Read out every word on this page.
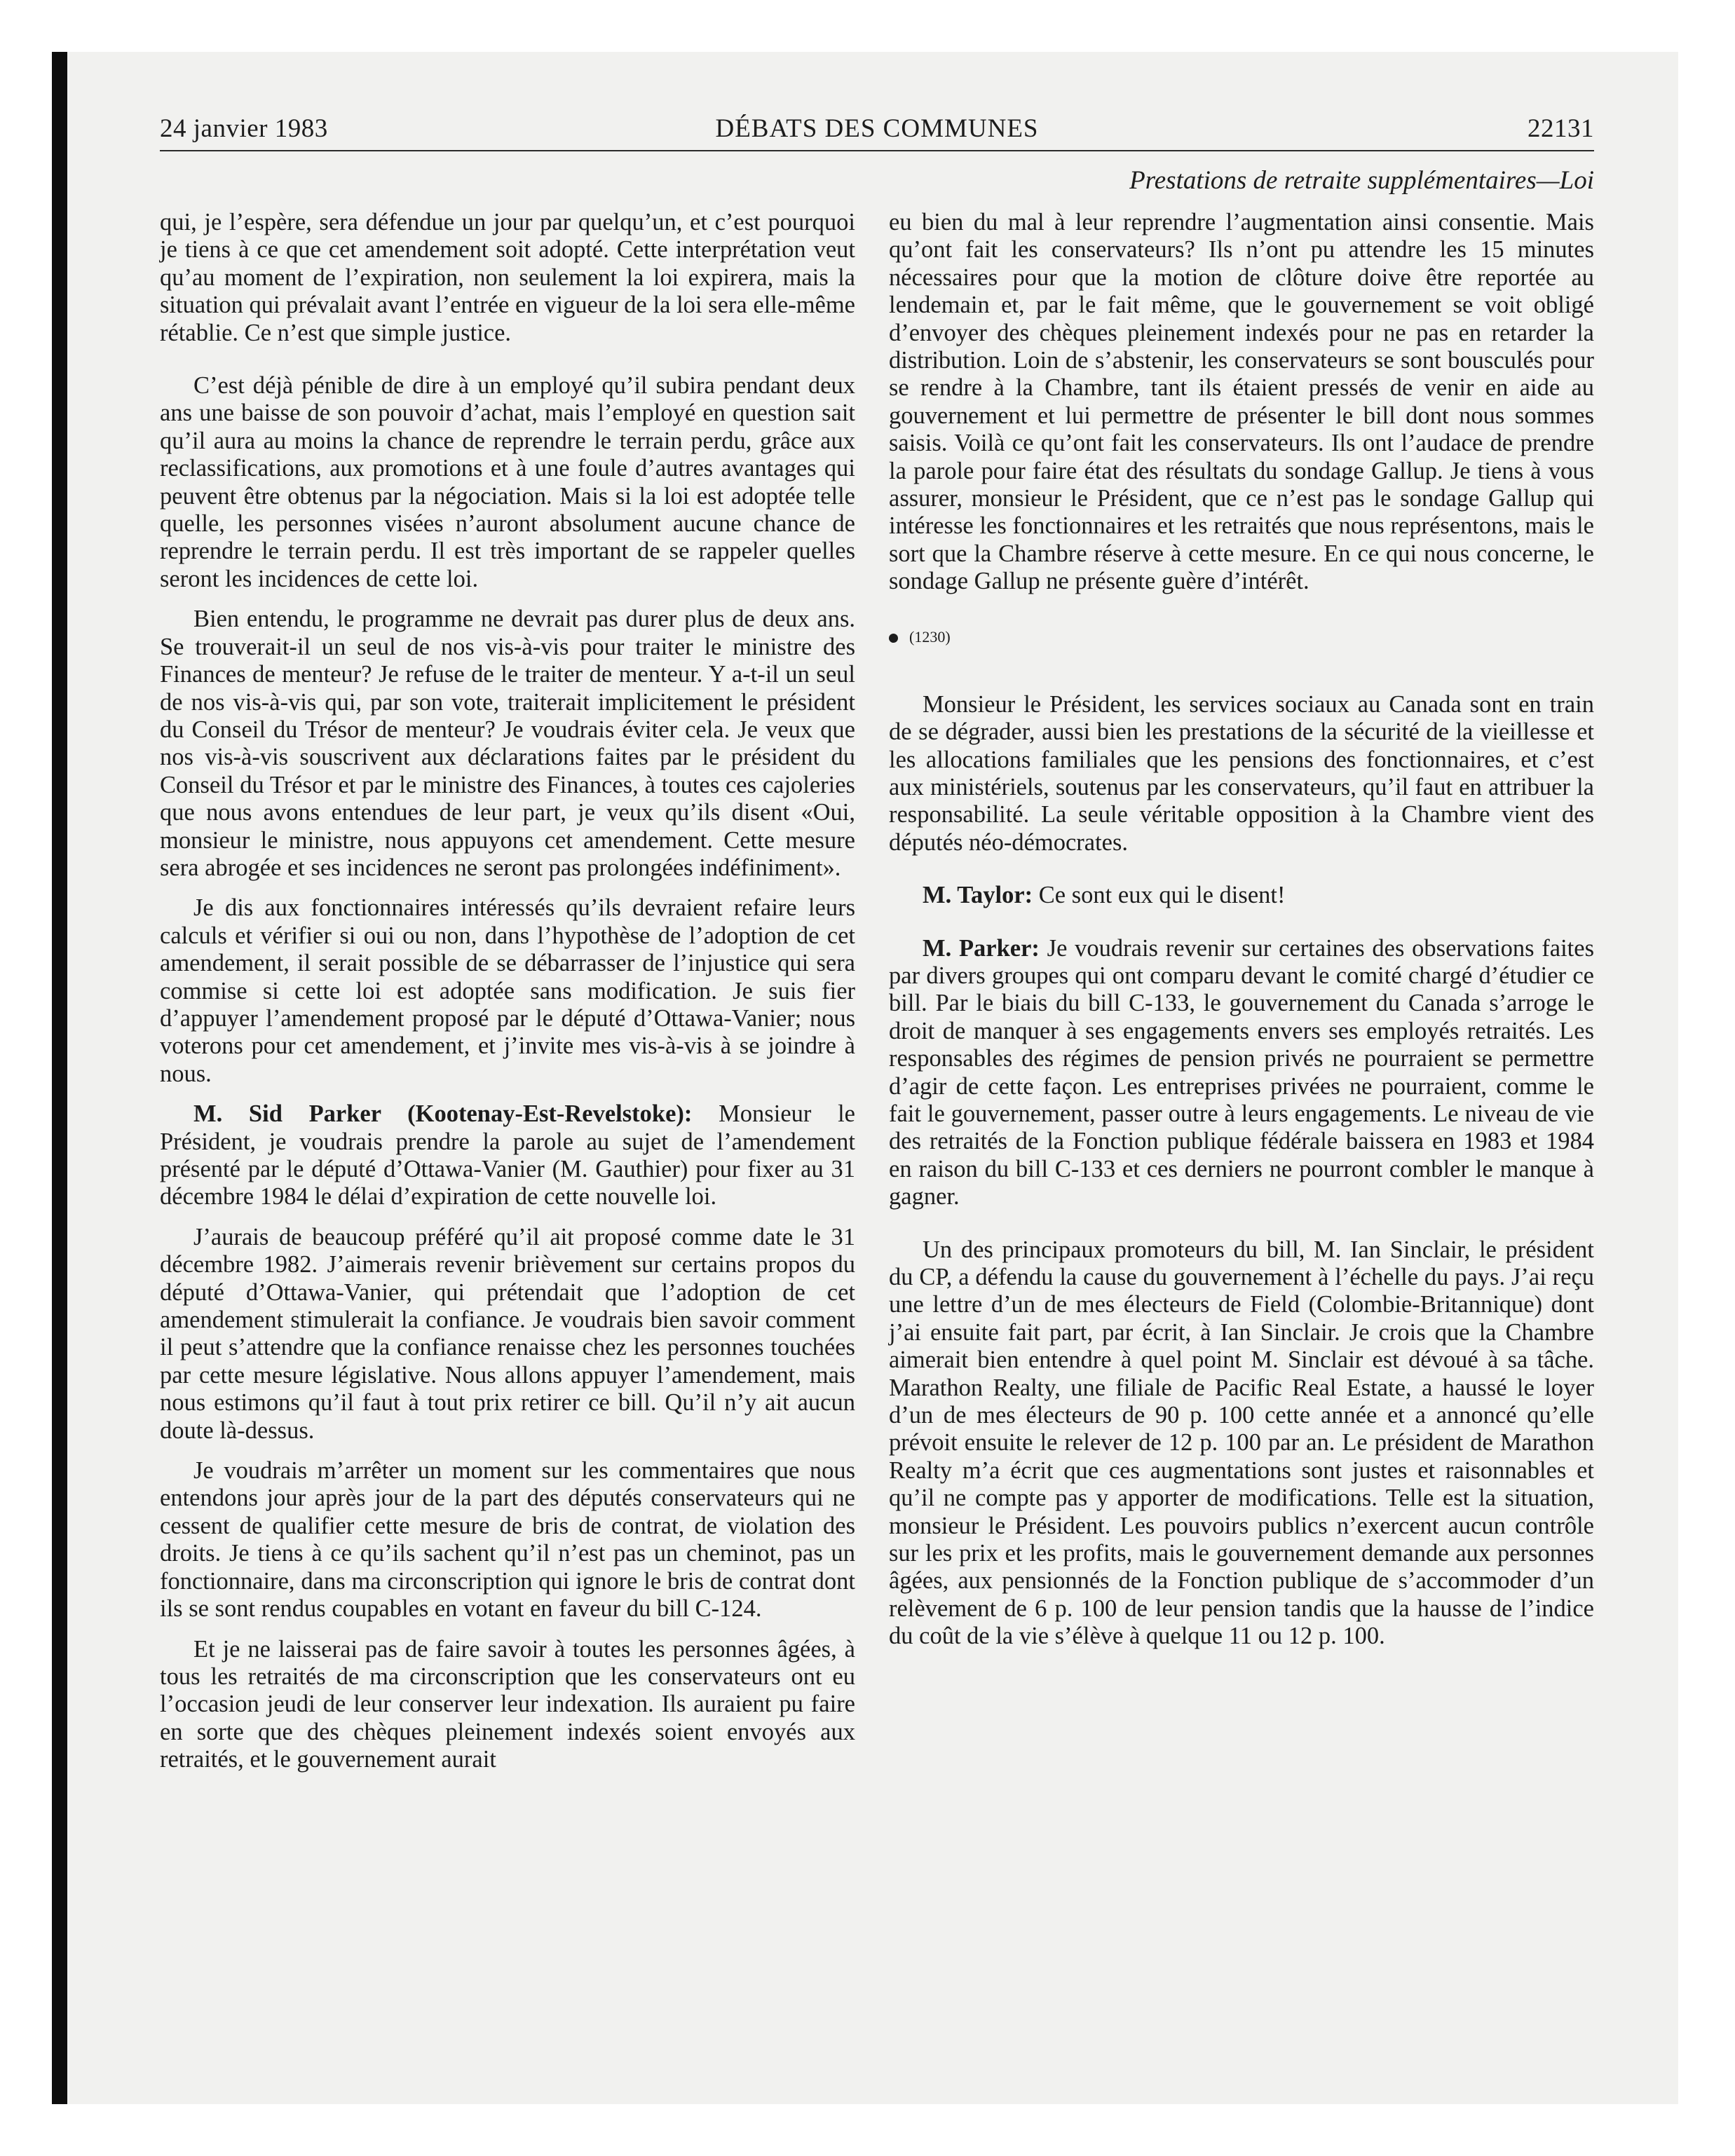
24 janvier 1983	DÉBATS DES COMMUNES	22131
Prestations de retraite supplémentaires—Loi

qui, je l’espère, sera défendue un jour par quelqu’un, et c’est pourquoi je tiens à ce que cet amendement soit adopté. Cette interprétation veut qu’au moment de l’expiration, non seulement la loi expirera, mais la situation qui prévalait avant l’entrée en vigueur de la loi sera elle-même rétablie. Ce n’est que simple justice.

C’est déjà pénible de dire à un employé qu’il subira pendant deux ans une baisse de son pouvoir d’achat, mais l’employé en question sait qu’il aura au moins la chance de reprendre le terrain perdu, grâce aux reclassifications, aux promotions et à une foule d’autres avantages qui peuvent être obtenus par la négociation. Mais si la loi est adoptée telle quelle, les personnes visées n’auront absolument aucune chance de reprendre le terrain perdu. Il est très important de se rappeler quelles seront les incidences de cette loi.

Bien entendu, le programme ne devrait pas durer plus de deux ans. Se trouverait-il un seul de nos vis-à-vis pour traiter le ministre des Finances de menteur? Je refuse de le traiter de menteur. Y a-t-il un seul de nos vis-à-vis qui, par son vote, traiterait implicitement le président du Conseil du Trésor de menteur? Je voudrais éviter cela. Je veux que nos vis-à-vis souscrivent aux déclarations faites par le président du Conseil du Trésor et par le ministre des Finances, à toutes ces cajoleries que nous avons entendues de leur part, je veux qu’ils disent «Oui, monsieur le ministre, nous appuyons cet amendement. Cette mesure sera abrogée et ses incidences ne seront pas prolongées indéfiniment».

Je dis aux fonctionnaires intéressés qu’ils devraient refaire leurs calculs et vérifier si oui ou non, dans l’hypothèse de l’adoption de cet amendement, il serait possible de se débarrasser de l’injustice qui sera commise si cette loi est adoptée sans modification. Je suis fier d’appuyer l’amendement proposé par le député d’Ottawa-Vanier; nous voterons pour cet amendement, et j’invite mes vis-à-vis à se joindre à nous.

M. Sid Parker (Kootenay-Est-Revelstoke): Monsieur le Président, je voudrais prendre la parole au sujet de l’amendement présenté par le député d’Ottawa-Vanier (M. Gauthier) pour fixer au 31 décembre 1984 le délai d’expiration de cette nouvelle loi.

J’aurais de beaucoup préféré qu’il ait proposé comme date le 31 décembre 1982. J’aimerais revenir brièvement sur certains propos du député d’Ottawa-Vanier, qui prétendait que l’adoption de cet amendement stimulerait la confiance. Je voudrais bien savoir comment il peut s’attendre que la confiance renaisse chez les personnes touchées par cette mesure législative. Nous allons appuyer l’amendement, mais nous estimons qu’il faut à tout prix retirer ce bill. Qu’il n’y ait aucun doute là-dessus.

Je voudrais m’arrêter un moment sur les commentaires que nous entendons jour après jour de la part des députés conservateurs qui ne cessent de qualifier cette mesure de bris de contrat, de violation des droits. Je tiens à ce qu’ils sachent qu’il n’est pas un cheminot, pas un fonctionnaire, dans ma circonscription qui ignore le bris de contrat dont ils se sont rendus coupables en votant en faveur du bill C-124.

Et je ne laisserai pas de faire savoir à toutes les personnes âgées, à tous les retraités de ma circonscription que les conservateurs ont eu l’occasion jeudi de leur conserver leur indexation. Ils auraient pu faire en sorte que des chèques pleinement indexés soient envoyés aux retraités, et le gouvernement aurait

eu bien du mal à leur reprendre l’augmentation ainsi consentie. Mais qu’ont fait les conservateurs? Ils n’ont pu attendre les 15 minutes nécessaires pour que la motion de clôture doive être reportée au lendemain et, par le fait même, que le gouvernement se voit obligé d’envoyer des chèques pleinement indexés pour ne pas en retarder la distribution. Loin de s’abstenir, les conservateurs se sont bousculés pour se rendre à la Chambre, tant ils étaient pressés de venir en aide au gouvernement et lui permettre de présenter le bill dont nous sommes saisis. Voilà ce qu’ont fait les conservateurs. Ils ont l’audace de prendre la parole pour faire état des résultats du sondage Gallup. Je tiens à vous assurer, monsieur le Président, que ce n’est pas le sondage Gallup qui intéresse les fonctionnaires et les retraités que nous représentons, mais le sort que la Chambre réserve à cette mesure. En ce qui nous concerne, le sondage Gallup ne présente guère d’intérêt.

(1230)

Monsieur le Président, les services sociaux au Canada sont en train de se dégrader, aussi bien les prestations de la sécurité de la vieillesse et les allocations familiales que les pensions des fonctionnaires, et c’est aux ministériels, soutenus par les conservateurs, qu’il faut en attribuer la responsabilité. La seule véritable opposition à la Chambre vient des députés néo-démocrates.

M. Taylor: Ce sont eux qui le disent!

M. Parker: Je voudrais revenir sur certaines des observations faites par divers groupes qui ont comparu devant le comité chargé d’étudier ce bill. Par le biais du bill C-133, le gouvernement du Canada s’arroge le droit de manquer à ses engagements envers ses employés retraités. Les responsables des régimes de pension privés ne pourraient se permettre d’agir de cette façon. Les entreprises privées ne pourraient, comme le fait le gouvernement, passer outre à leurs engagements. Le niveau de vie des retraités de la Fonction publique fédérale baissera en 1983 et 1984 en raison du bill C-133 et ces derniers ne pourront combler le manque à gagner.

Un des principaux promoteurs du bill, M. Ian Sinclair, le président du CP, a défendu la cause du gouvernement à l’échelle du pays. J’ai reçu une lettre d’un de mes électeurs de Field (Colombie-Britannique) dont j’ai ensuite fait part, par écrit, à Ian Sinclair. Je crois que la Chambre aimerait bien entendre à quel point M. Sinclair est dévoué à sa tâche. Marathon Realty, une filiale de Pacific Real Estate, a haussé le loyer d’un de mes électeurs de 90 p. 100 cette année et a annoncé qu’elle prévoit ensuite le relever de 12 p. 100 par an. Le président de Marathon Realty m’a écrit que ces augmentations sont justes et raisonnables et qu’il ne compte pas y apporter de modifications. Telle est la situation, monsieur le Président. Les pouvoirs publics n’exercent aucun contrôle sur les prix et les profits, mais le gouvernement demande aux personnes âgées, aux pensionnés de la Fonction publique de s’accommoder d’un relèvement de 6 p. 100 de leur pension tandis que la hausse de l’indice du coût de la vie s’élève à quelque 11 ou 12 p. 100.
